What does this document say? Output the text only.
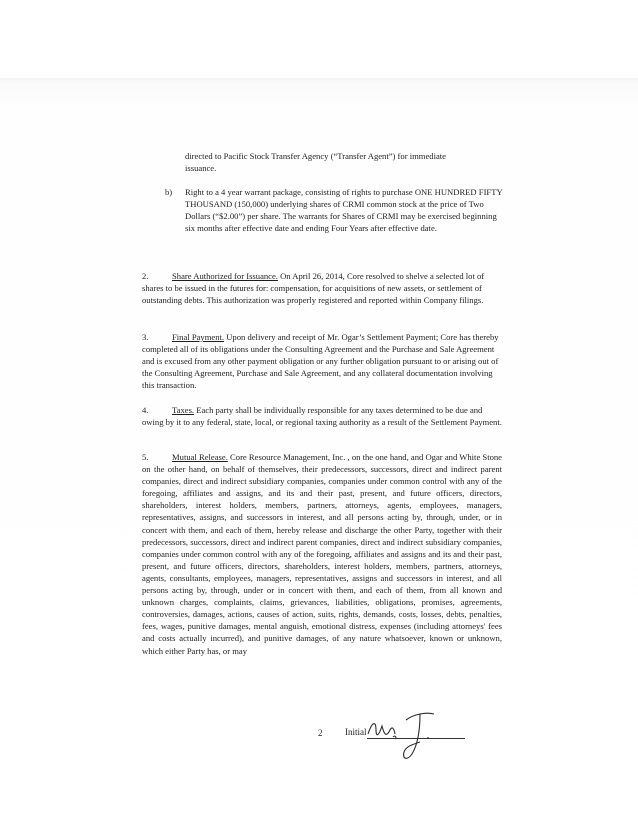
directed to Pacific Stock Transfer Agency (“Transfer Agent”) for immediate
issuance.
b)	Right to a 4 year warrant package, consisting of rights to purchase ONE HUNDRED FIFTY THOUSAND (150,000) underlying shares of CRMI common stock at the price of Two Dollars (“$2.00”) per share. The warrants for Shares of CRMI may be exercised beginning six months after effective date and ending Four Years after effective date.
2.	Share Authorized for Issuance. On April 26, 2014, Core resolved to shelve a selected lot of shares to be issued in the futures for: compensation, for acquisitions of new assets, or settlement of outstanding debts. This authorization was properly registered and reported within Company filings.
3.	Final Payment. Upon delivery and receipt of Mr. Ogar’s Settlement Payment; Core has thereby completed all of its obligations under the Consulting Agreement and the Purchase and Sale Agreement and is excused from any other payment obligation or any further obligation pursuant to or arising out of the Consulting Agreement, Purchase and Sale Agreement, and any collateral documentation involving this transaction.
4.	Taxes. Each party shall be individually responsible for any taxes determined to be due and owing by it to any federal, state, local, or regional taxing authority as a result of the Settlement Payment.
5.	Mutual Release. Core Resource Management, Inc. , on the one hand, and Ogar and White Stone on the other hand, on behalf of themselves, their predecessors, successors, direct and indirect parent companies, direct and indirect subsidiary companies, companies under common control with any of the foregoing, affiliates and assigns, and its and their past, present, and future officers, directors, shareholders, interest holders, members, partners, attorneys, agents, employees, managers, representatives, assigns, and successors in interest, and all persons acting by, through, under, or in concert with them, and each of them, hereby release and discharge the other Party, together with their predecessors, successors, direct and indirect parent companies, direct and indirect subsidiary companies, companies under common control with any of the foregoing, affiliates and assigns and its and their past, present, and future officers, directors, shareholders, interest holders, members, partners, attorneys, agents, consultants, employees, managers, representatives, assigns and successors in interest, and all persons acting by, through, under or in concert with them, and each of them, from all known and unknown charges, complaints, claims, grievances, liabilities, obligations, promises, agreements, controversies, damages, actions, causes of action, suits, rights, demands, costs, losses, debts, penalties, fees, wages, punitive damages, mental anguish, emotional distress, expenses (including attorneys' fees and costs actually incurred), and punitive damages, of any nature whatsoever, known or unknown, which either Party has, or may
2	Initial
